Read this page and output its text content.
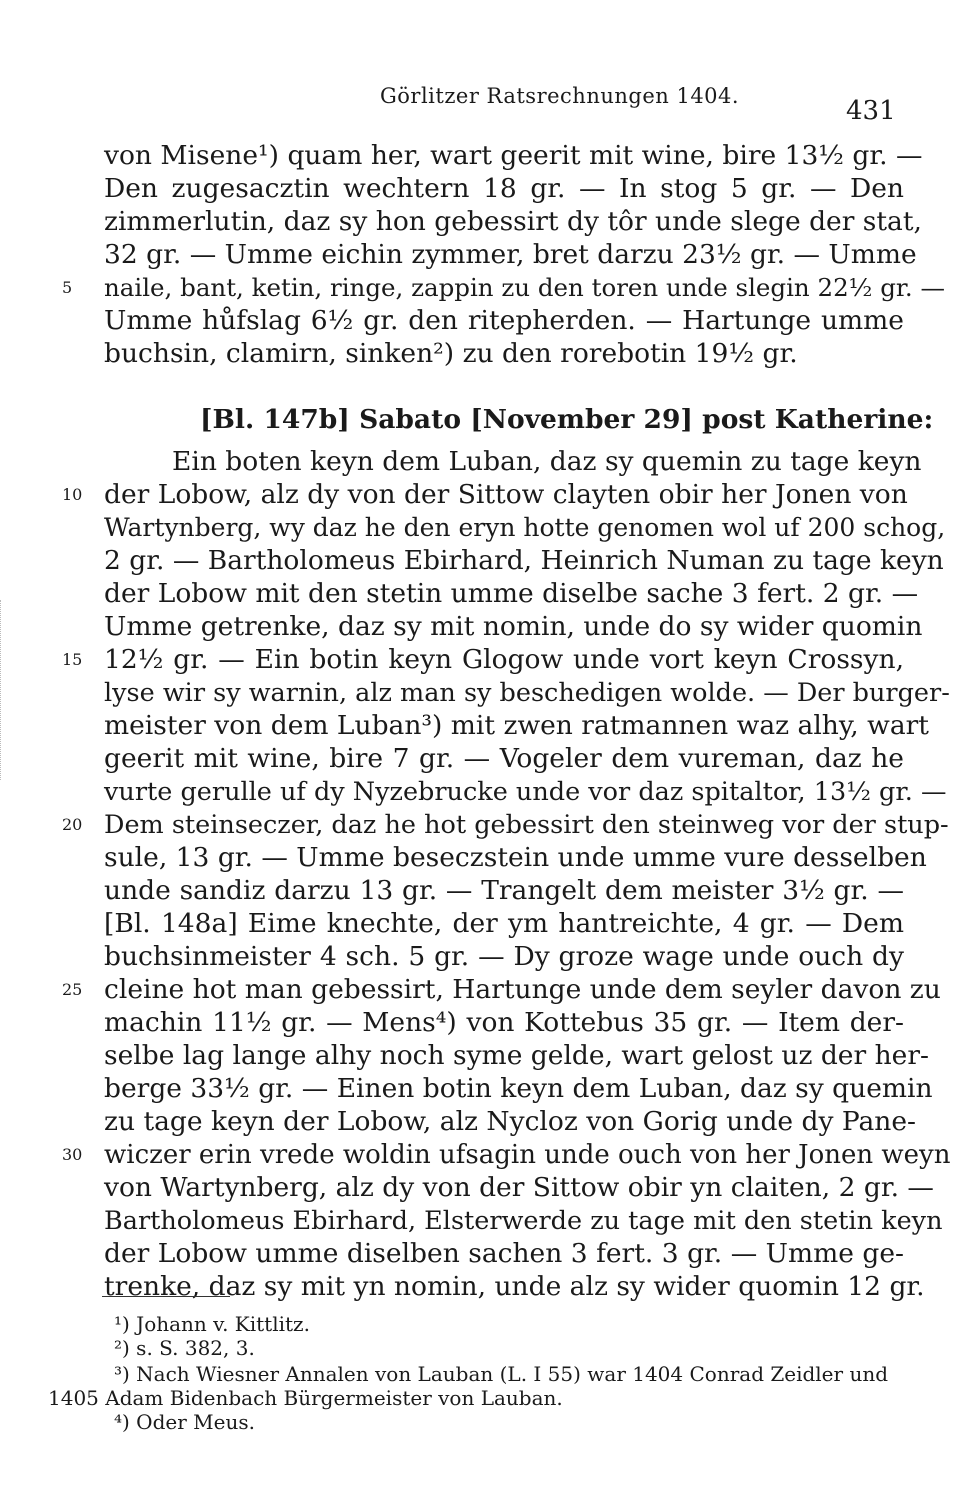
Görlitzer Ratsrechnungen 1404.	431
von Misene¹) quam her, wart geerit mit wine, bire 13½ gr. —
Den zugesacztin wechtern 18 gr. — In stog 5 gr. — Den
zimmerlutin, daz sy hon gebessirt dy tôr unde slege der stat,
32 gr. — Umme eichin zymmer, bret darzu 23½ gr. — Umme
naile, bant, ketin, ringe, zappin zu den toren unde slegin 22½ gr. —
Umme hůfslag 6½ gr. den ritepherden. — Hartunge umme
buchsin, clamirn, sinken²) zu den rorebotin 19½ gr.
[Bl. 147b] Sabato [November 29] post Katherine:
Ein boten keyn dem Luban, daz sy quemin zu tage keyn
der Lobow, alz dy von der Sittow clayten obir her Jonen von
Wartynberg, wy daz he den eryn hotte genomen wol uf 200 schog,
2 gr. — Bartholomeus Ebirhard, Heinrich Numan zu tage keyn
der Lobow mit den stetin umme diselbe sache 3 fert. 2 gr. —
Umme getrenke, daz sy mit nomin, unde do sy wider quomin
12½ gr. — Ein botin keyn Glogow unde vort keyn Crossyn,
lyse wir sy warnin, alz man sy beschedigen wolde. — Der burger-
meister von dem Luban³) mit zwen ratmannen waz alhy, wart
geerit mit wine, bire 7 gr. — Vogeler dem vureman, daz he
vurte gerulle uf dy Nyzebrucke unde vor daz spitaltor, 13½ gr. —
Dem steinseczer, daz he hot gebessirt den steinweg vor der stup-
sule, 13 gr. — Umme beseczstein unde umme vure desselben
unde sandiz darzu 13 gr. — Trangelt dem meister 3½ gr. —
[Bl. 148a] Eime knechte, der ym hantreichte, 4 gr. — Dem
buchsinmeister 4 sch. 5 gr. — Dy groze wage unde ouch dy
cleine hot man gebessirt, Hartunge unde dem seyler davon zu
machin 11½ gr. — Mens⁴) von Kottebus 35 gr. — Item der-
selbe lag lange alhy noch syme gelde, wart gelost uz der her-
berge 33½ gr. — Einen botin keyn dem Luban, daz sy quemin
zu tage keyn der Lobow, alz Nycloz von Gorig unde dy Pane-
wiczer erin vrede woldin ufsagin unde ouch von her Jonen weyn
von Wartynberg, alz dy von der Sittow obir yn claiten, 2 gr. —
Bartholomeus Ebirhard, Elsterwerde zu tage mit den stetin keyn
der Lobow umme diselben sachen 3 fert. 3 gr. — Umme ge-
trenke, daz sy mit yn nomin, unde alz sy wider quomin 12 gr.
5
10
15
20
25
30
¹) Johann v. Kittlitz.
²) s. S. 382, 3.
³) Nach Wiesner Annalen von Lauban (L. I 55) war 1404 Conrad Zeidler und
1405 Adam Bidenbach Bürgermeister von Lauban.
⁴) Oder Meus.
